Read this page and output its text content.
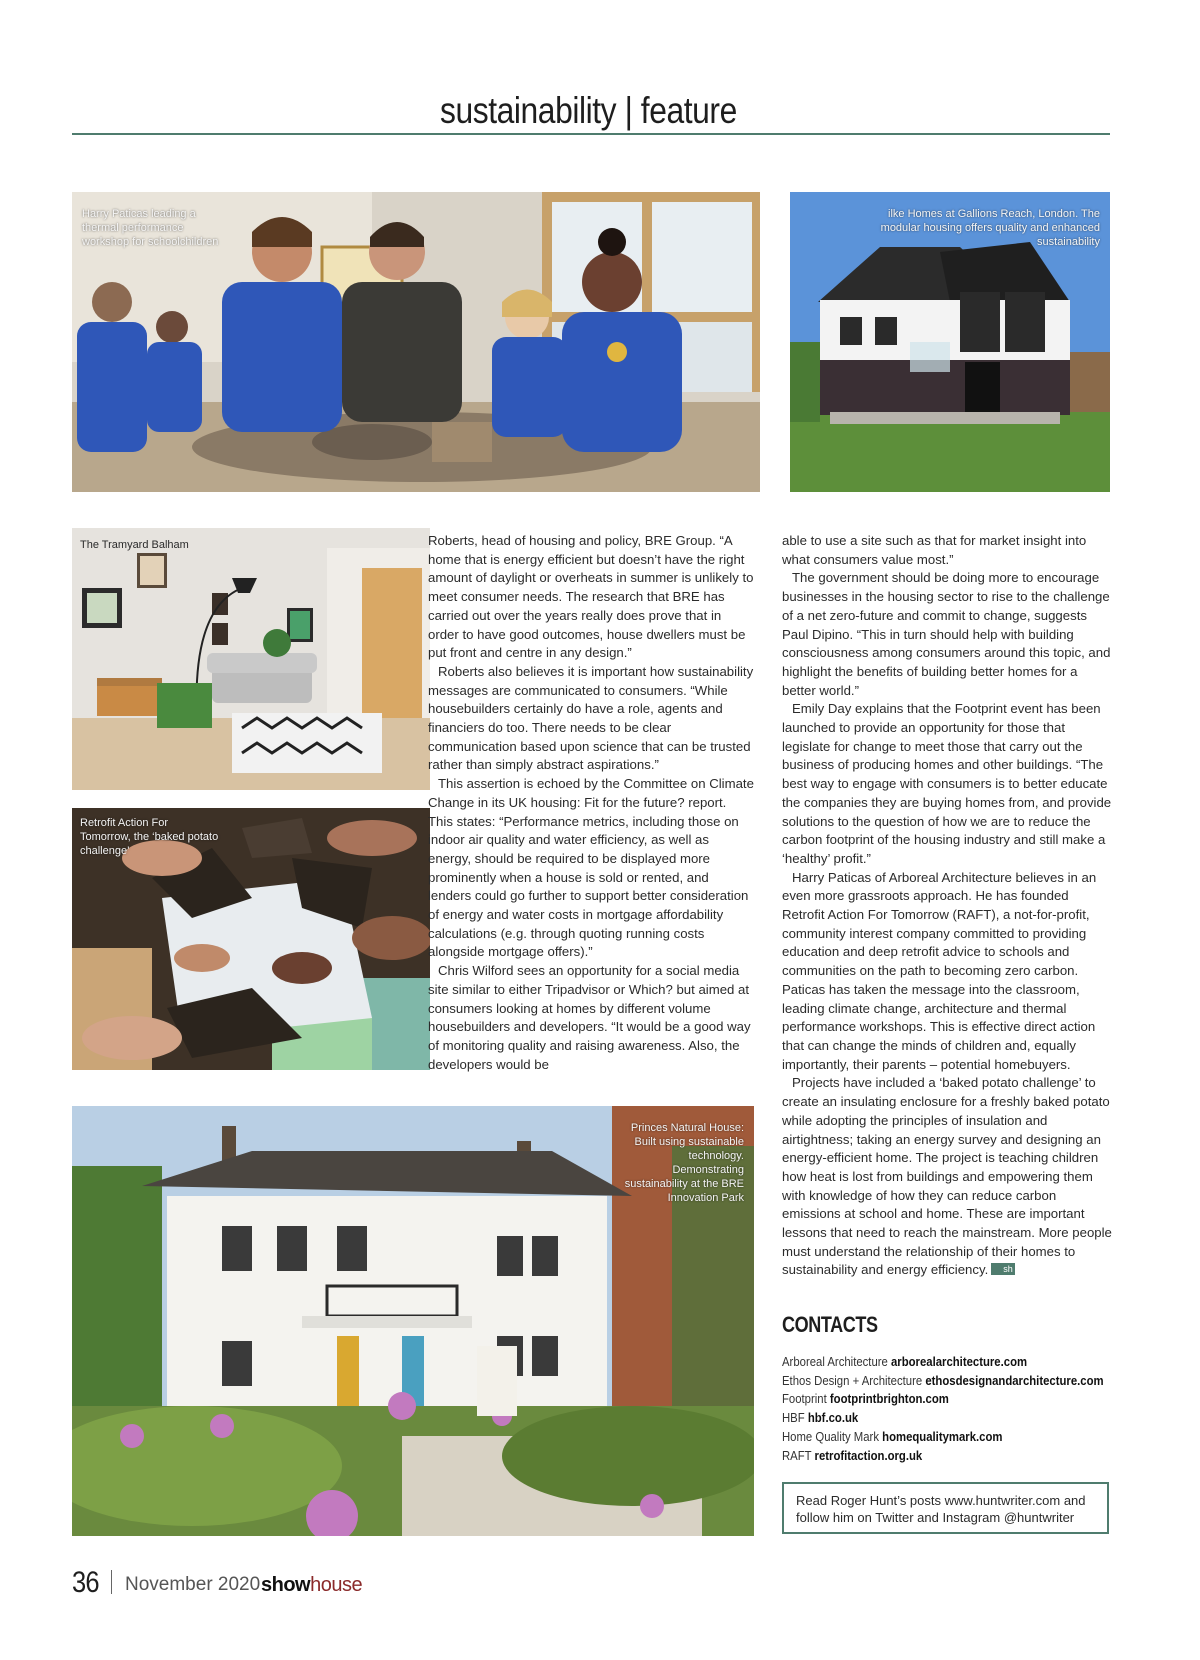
sustainability | feature
Harry Paticas leading a thermal performance workshop for schoolchildren
ilke Homes at Gallions Reach, London. The modular housing offers quality and enhanced sustainability
The Tramyard Balham
Retrofit Action For Tomorrow, the ‘baked potato challenge’

Roberts, head of housing and policy, BRE Group. “A home that is energy efficient but doesn’t have the right amount of daylight or overheats in summer is unlikely to meet consumer needs. The research that BRE has carried out over the years really does prove that in order to have good outcomes, house dwellers must be put front and centre in any design.”

Roberts also believes it is important how sustainability messages are communicated to consumers. “While housebuilders certainly do have a role, agents and financiers do too. There needs to be clear communication based upon science that can be trusted rather than simply abstract aspirations.”

This assertion is echoed by the Committee on Climate Change in its UK housing: Fit for the future? report. This states: “Performance metrics, including those on indoor air quality and water efficiency, as well as energy, should be required to be displayed more prominently when a house is sold or rented, and lenders could go further to support better consideration of energy and water costs in mortgage affordability calculations (e.g. through quoting running costs alongside mortgage offers).”

Chris Wilford sees an opportunity for a social media site similar to either Tripadvisor or Which? but aimed at consumers looking at homes by different volume housebuilders and developers. “It would be a good way of monitoring quality and raising awareness. Also, the developers would be

able to use a site such as that for market insight into what consumers value most.”

The government should be doing more to encourage businesses in the housing sector to rise to the challenge of a net zero-future and commit to change, suggests Paul Dipino. “This in turn should help with building consciousness among consumers around this topic, and highlight the benefits of building better homes for a better world.”

Emily Day explains that the Footprint event has been launched to provide an opportunity for those that legislate for change to meet those that carry out the business of producing homes and other buildings. “The best way to engage with consumers is to better educate the companies they are buying homes from, and provide solutions to the question of how we are to reduce the carbon footprint of the housing industry and still make a ‘healthy’ profit.”

Harry Paticas of Arboreal Architecture believes in an even more grassroots approach. He has founded Retrofit Action For Tomorrow (RAFT), a not-for-profit, community interest company committed to providing education and deep retrofit advice to schools and communities on the path to becoming zero carbon. Paticas has taken the message into the classroom, leading climate change, architecture and thermal performance workshops. This is effective direct action that can change the minds of children and, equally importantly, their parents – potential homebuyers.

Projects have included a ‘baked potato challenge’ to create an insulating enclosure for a freshly baked potato while adopting the principles of insulation and airtightness; taking an energy survey and designing an energy-efficient home. The project is teaching children how heat is lost from buildings and empowering them with knowledge of how they can reduce carbon emissions at school and home. These are important lessons that need to reach the mainstream. More people must understand the relationship of their homes to sustainability and energy efficiency. sh

Princes Natural House: Built using sustainable technology. Demonstrating sustainability at the BRE Innovation Park
CONTACTS
Arboreal Architecture arborealarchitecture.com
Ethos Design + Architecture ethosdesignandarchitecture.com
Footprint footprintbrighton.com
HBF hbf.co.uk
Home Quality Mark homequalitymark.com
RAFT retrofitaction.org.uk
Read Roger Hunt’s posts www.huntwriter.com and follow him on Twitter and Instagram @huntwriter
36 November 2020 showhouse
